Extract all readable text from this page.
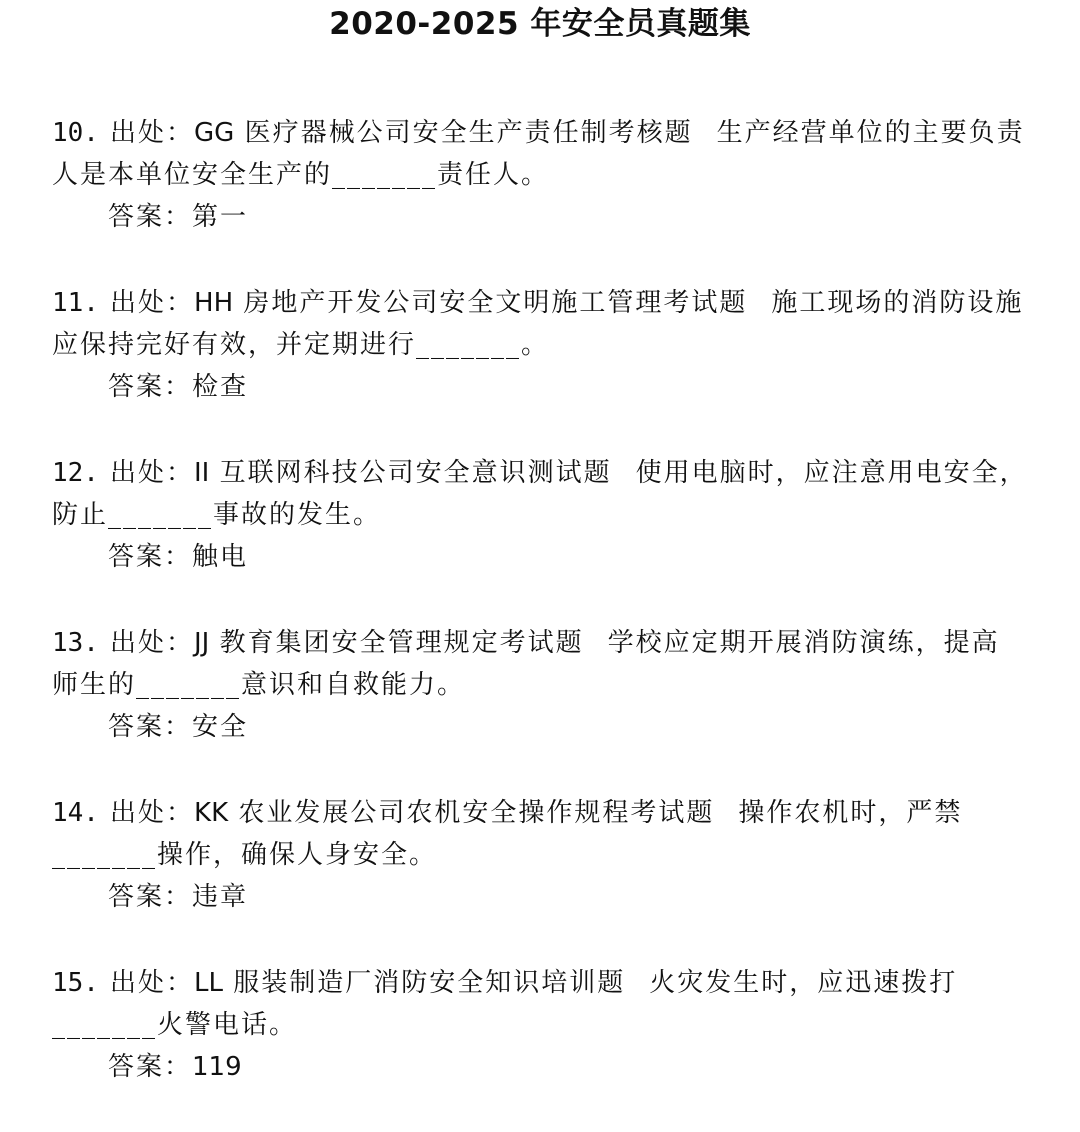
2020-2025 年安全员真题集
10. 出处：GG 医疗器械公司安全生产责任制考核题 生产经营单位的主要负责
人是本单位安全生产的_______责任人。
答案：第一
11. 出处：HH 房地产开发公司安全文明施工管理考试题 施工现场的消防设施
应保持完好有效，并定期进行_______。
答案：检查
12. 出处：II 互联网科技公司安全意识测试题 使用电脑时，应注意用电安全，
防止_______事故的发生。
答案：触电
13. 出处：JJ 教育集团安全管理规定考试题 学校应定期开展消防演练，提高
师生的_______意识和自救能力。
答案：安全
14. 出处：KK 农业发展公司农机安全操作规程考试题 操作农机时，严禁
_______操作，确保人身安全。
答案：违章
15. 出处：LL 服装制造厂消防安全知识培训题 火灾发生时，应迅速拨打
_______火警电话。
答案：119
